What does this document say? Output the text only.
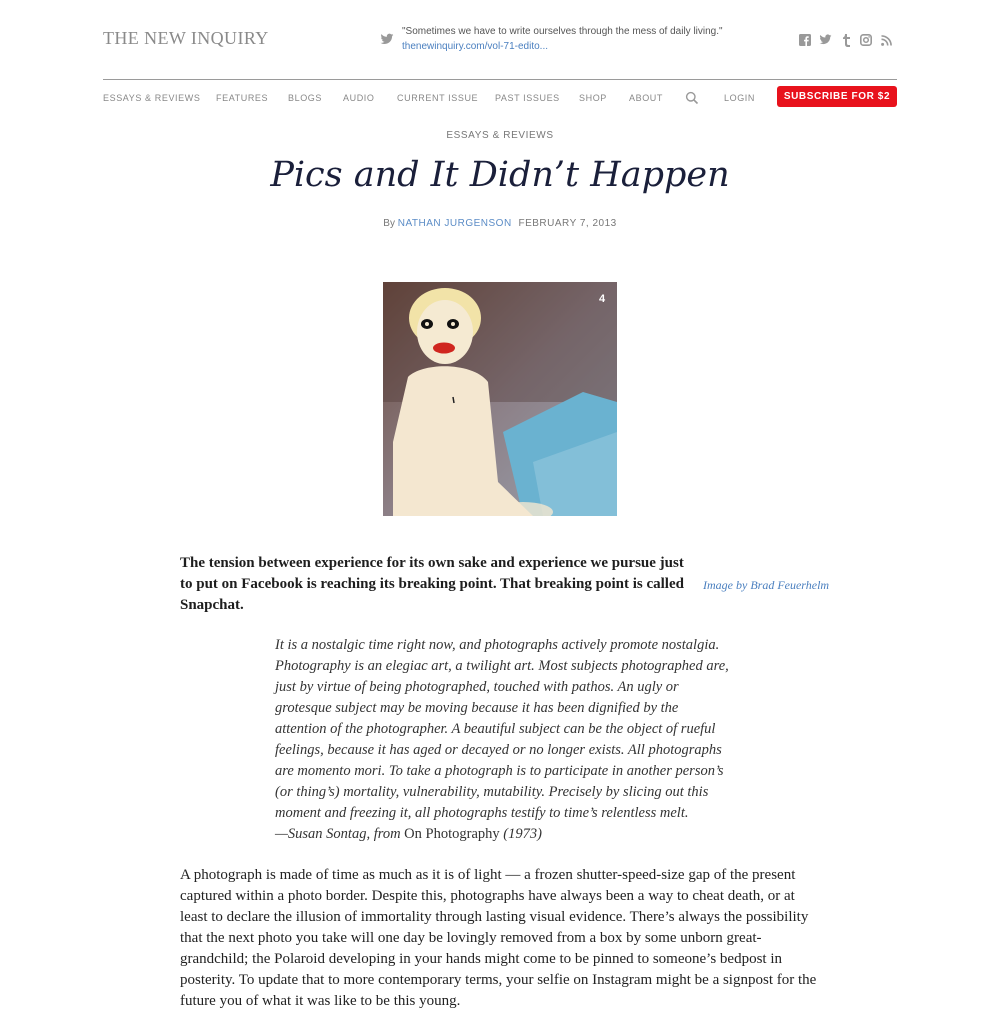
THE NEW INQUIRY	"Sometimes we have to write ourselves through the mess of daily living."
thenewinquiry.com/vol-71-edito...
ESSAYS & REVIEWS FEATURES BLOGS AUDIO CURRENT ISSUE PAST ISSUES SHOP ABOUT	LOGIN	SUBSCRIBE FOR $2
ESSAYS & REVIEWS
Pics and It Didn’t Happen
By NATHAN JURGENSON FEBRUARY 7, 2013
4
The tension between experience for its own sake and experience we pursue just to put on Facebook is reaching its breaking point. That breaking point is called Snapchat.
Image by Brad Feuerhelm
It is a nostalgic time right now, and photographs actively promote nostalgia. Photography is an elegiac art, a twilight art. Most subjects photographed are, just by virtue of being photographed, touched with pathos. An ugly or grotesque subject may be moving because it has been dignified by the attention of the photographer. A beautiful subject can be the object of rueful feelings, because it has aged or decayed or no longer exists. All photographs are momento mori. To take a photograph is to participate in another person’s (or thing’s) mortality, vulnerability, mutability. Precisely by slicing out this moment and freezing it, all photographs testify to time’s relentless melt.
—Susan Sontag, from On Photography (1973)
A photograph is made of time as much as it is of light — a frozen shutter-speed-size gap of the present captured within a photo border. Despite this, photographs have always been a way to cheat death, or at least to declare the illusion of immortality through lasting visual evidence. There’s always the possibility that the next photo you take will one day be lovingly removed from a box by some unborn great-grandchild; the Polaroid developing in your hands might come to be pinned to someone’s bedpost in posterity. To update that to more contemporary terms, your selfie on Instagram might be a signpost for the future you of what it was like to be this young.
